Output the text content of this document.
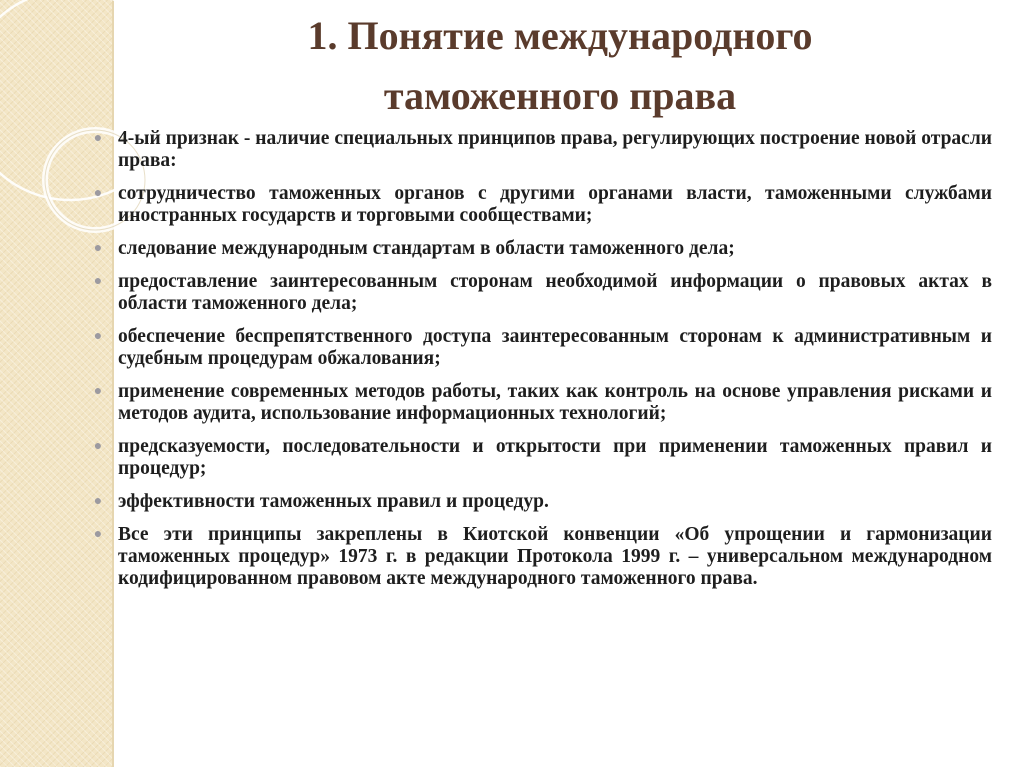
1. Понятие международного
таможенного права
● 4-ый признак - наличие специальных принципов права, регулирующих построение новой отрасли права:
● сотрудничество таможенных органов с другими органами власти, таможенными службами иностранных государств и торговыми сообществами;
● следование международным стандартам в области таможенного дела;
● предоставление заинтересованным сторонам необходимой информации о правовых актах в области таможенного дела;
● обеспечение беспрепятственного доступа заинтересованным сторонам к административным и судебным процедурам обжалования;
● применение современных методов работы, таких как контроль на основе управления рисками и методов аудита, использование информационных технологий;
● предсказуемости, последовательности и открытости при применении таможенных правил и процедур;
● эффективности таможенных правил и процедур.
● Все эти принципы закреплены в Киотской конвенции «Об упрощении и гармонизации таможенных процедур» 1973 г. в редакции Протокола 1999 г. – универсальном международном кодифицированном правовом акте международного таможенного права.
